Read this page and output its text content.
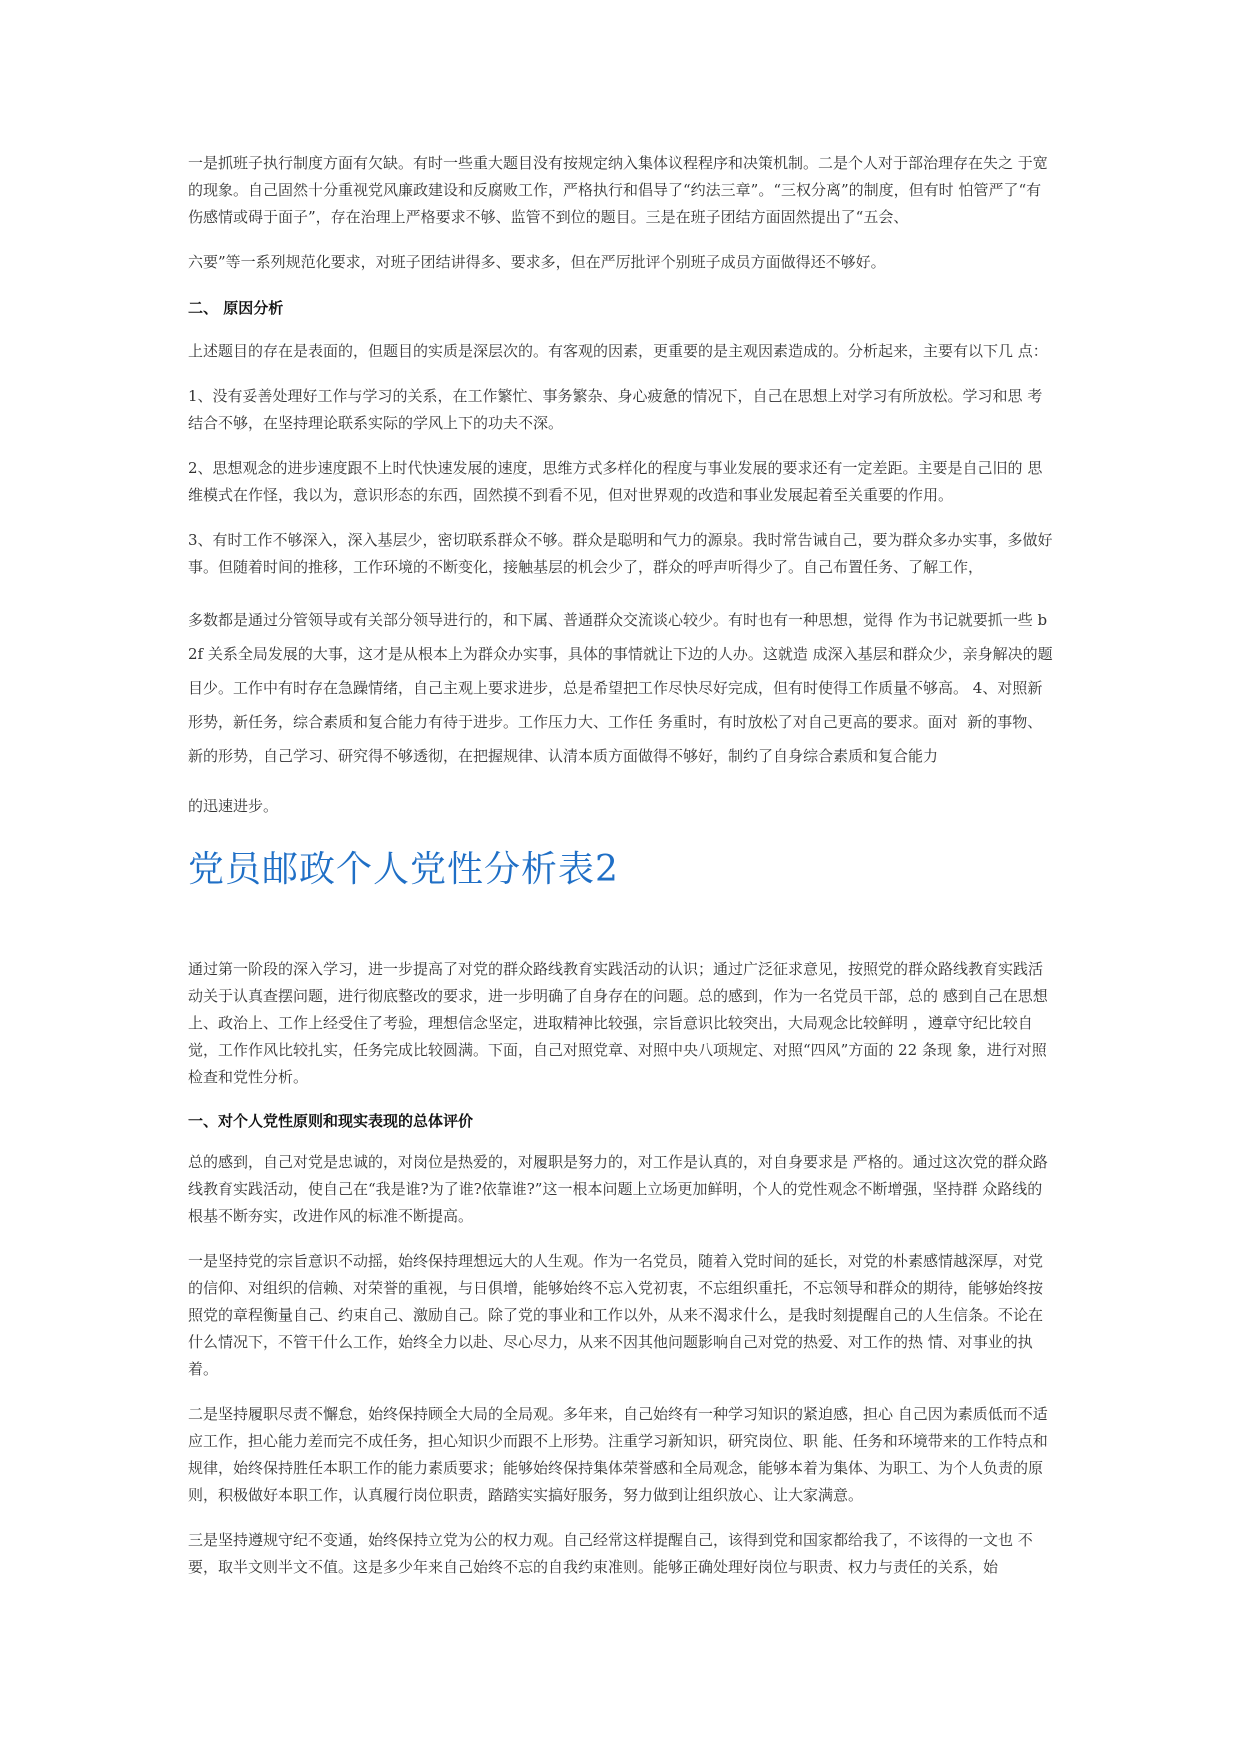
一是抓班子执行制度方面有欠缺。有时一些重大题目没有按规定纳入集体议程程序和决策机制。二是个人对于部治理存在失之 于宽的现象。自己固然十分重视党风廉政建设和反腐败工作，严格执行和倡导了“约法三章”。“三权分离”的制度，但有时 怕管严了“有伤感情或碍于面子”，存在治理上严格要求不够、监管不到位的题目。三是在班子团结方面固然提出了“五会、

六要”等一系列规范化要求，对班子团结讲得多、要求多，但在严厉批评个别班子成员方面做得还不够好。

二、 原因分析

上述题目的存在是表面的，但题目的实质是深层次的。有客观的因素，更重要的是主观因素造成的。分析起来，主要有以下几 点：

1、没有妥善处理好工作与学习的关系，在工作繁忙、事务繁杂、身心疲惫的情况下，自己在思想上对学习有所放松。学习和思 考结合不够，在坚持理论联系实际的学风上下的功夫不深。

2、思想观念的进步速度跟不上时代快速发展的速度，思维方式多样化的程度与事业发展的要求还有一定差距。主要是自己旧的 思维模式在作怪，我以为，意识形态的东西，固然摸不到看不见，但对世界观的改造和事业发展起着至关重要的作用。

3、有时工作不够深入，深入基层少，密切联系群众不够。群众是聪明和气力的源泉。我时常告诫自己，要为群众多办实事，多做好事。但随着时间的推移，工作环境的不断变化，接触基层的机会少了，群众的呼声听得少了。自己布置任务、了解工作，

多数都是通过分管领导或有关部分领导进行的，和下属、普通群众交流谈心较少。有时也有一种思想，觉得 作为书记就要抓一些 b2f 关系全局发展的大事，这才是从根本上为群众办实事，具体的事情就让下边的人办。这就造 成深入基层和群众少，亲身解决的题目少。工作中有时存在急躁情绪，自己主观上要求进步，总是希望把工作尽快尽好完成，但有时使得工作质量不够高。 4、对照新形势，新任务，综合素质和复合能力有待于进步。工作压力大、工作任 务重时，有时放松了对自己更高的要求。面对  新的事物、新的形势，自己学习、研究得不够透彻，在把握规律、认清本质方面做得不够好，制约了自身综合素质和复合能力

的迅速进步。

党员邮政个人党性分析表2

通过第一阶段的深入学习，进一步提高了对党的群众路线教育实践活动的认识；通过广泛征求意见，按照党的群众路线教育实践活动关于认真查摆问题，进行彻底整改的要求，进一步明确了自身存在的问题。总的感到，作为一名党员干部，总的 感到自己在思想上、政治上、工作上经受住了考验，理想信念坚定，进取精神比较强，宗旨意识比较突出，大局观念比较鲜明 ，遵章守纪比较自觉，工作作风比较扎实，任务完成比较圆满。下面，自己对照党章、对照中央八项规定、对照“四风”方面的 22 条现 象，进行对照检查和党性分析。

一、对个人党性原则和现实表现的总体评价

总的感到，自己对党是忠诚的，对岗位是热爱的，对履职是努力的，对工作是认真的，对自身要求是 严格的。通过这次党的群众路线教育实践活动，使自己在“我是谁?为了谁?依靠谁?”这一根本问题上立场更加鲜明，个人的党性观念不断增强，坚持群 众路线的根基不断夯实，改进作风的标准不断提高。

一是坚持党的宗旨意识不动摇，始终保持理想远大的人生观。作为一名党员，随着入党时间的延长，对党的朴素感情越深厚，对党的信仰、对组织的信赖、对荣誉的重视，与日俱增，能够始终不忘入党初衷，不忘组织重托，不忘领导和群众的期待，能够始终按照党的章程衡量自己、约束自己、激励自己。除了党的事业和工作以外，从来不渴求什么，是我时刻提醒自己的人生信条。不论在什么情况下，不管干什么工作，始终全力以赴、尽心尽力，从来不因其他问题影响自己对党的热爱、对工作的热 情、对事业的执着。

二是坚持履职尽责不懈怠，始终保持顾全大局的全局观。多年来，自己始终有一种学习知识的紧迫感，担心 自己因为素质低而不适应工作，担心能力差而完不成任务，担心知识少而跟不上形势。注重学习新知识，研究岗位、职 能、任务和环境带来的工作特点和规律，始终保持胜任本职工作的能力素质要求；能够始终保持集体荣誉感和全局观念，能够本着为集体、为职工、为个人负责的原则，积极做好本职工作，认真履行岗位职责，踏踏实实搞好服务，努力做到让组织放心、让大家满意。

三是坚持遵规守纪不变通，始终保持立党为公的权力观。自己经常这样提醒自己，该得到党和国家都给我了，不该得的一文也 不要，取半文则半文不值。这是多少年来自己始终不忘的自我约束准则。能够正确处理好岗位与职责、权力与责任的关系，始
